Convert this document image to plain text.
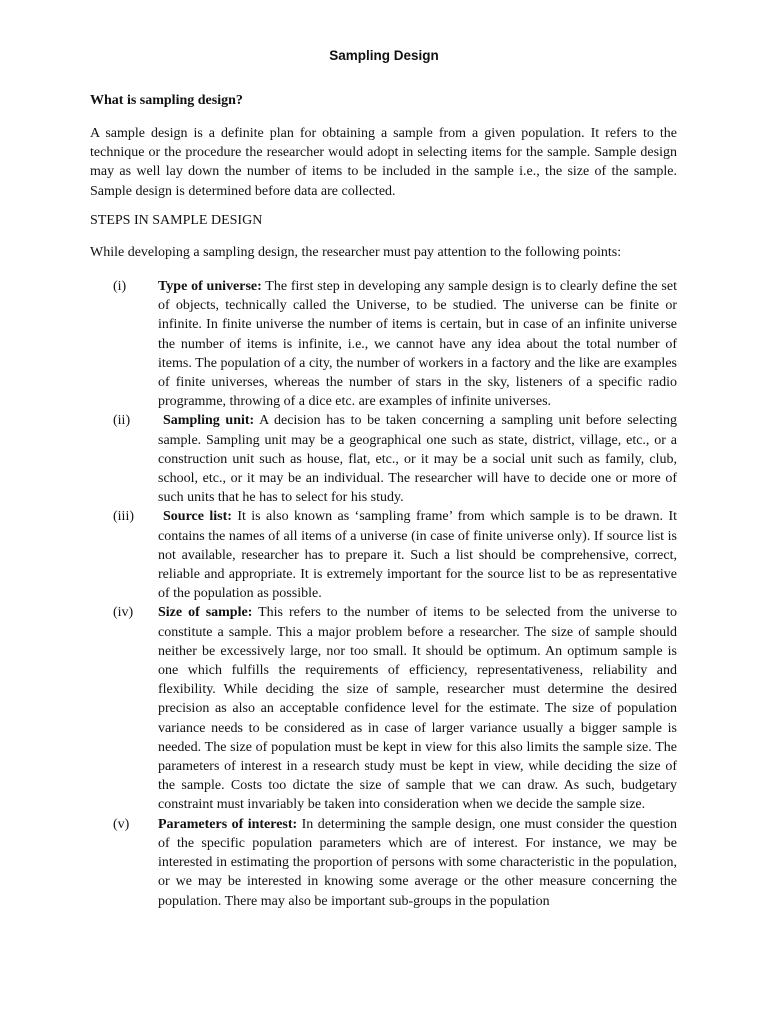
Sampling Design
What is sampling design?

A sample design is a definite plan for obtaining a sample from a given population. It refers to the technique or the procedure the researcher would adopt in selecting items for the sample. Sample design may as well lay down the number of items to be included in the sample i.e., the size of the sample. Sample design is determined before data are collected.

STEPS IN SAMPLE DESIGN
While developing a sampling design, the researcher must pay attention to the following points:
(i) Type of universe: The first step in developing any sample design is to clearly define the set of objects, technically called the Universe, to be studied. The universe can be finite or infinite. In finite universe the number of items is certain, but in case of an infinite universe the number of items is infinite, i.e., we cannot have any idea about the total number of items. The population of a city, the number of workers in a factory and the like are examples of finite universes, whereas the number of stars in the sky, listeners of a specific radio programme, throwing of a dice etc. are examples of infinite universes.

(ii)	Sampling unit: A decision has to be taken concerning a sampling unit before selecting sample. Sampling unit may be a geographical one such as state, district, village, etc., or a construction unit such as house, flat, etc., or it may be a social unit such as family, club, school, etc., or it may be an individual. The researcher will have to decide one or more of such units that he has to select for his study.

(iii)	Source list: It is also known as ‘sampling frame’ from which sample is to be drawn. It contains the names of all items of a universe (in case of finite universe only). If source list is not available, researcher has to prepare it. Such a list should be comprehensive, correct, reliable and appropriate. It is extremely important for the source list to be as representative of the population as possible.

(iv) Size of sample: This refers to the number of items to be selected from the universe to constitute a sample. This a major problem before a researcher. The size of sample should neither be excessively large, nor too small. It should be optimum. An optimum sample is one which fulfills the requirements of efficiency, representativeness, reliability and flexibility. While deciding the size of sample, researcher must determine the desired precision as also an acceptable confidence level for the estimate. The size of population variance needs to be considered as in case of larger variance usually a bigger sample is needed. The size of population must be kept in view for this also limits the sample size. The parameters of interest in a research study must be kept in view, while deciding the size of the sample. Costs too dictate the size of sample that we can draw. As such, budgetary constraint must invariably be taken into consideration when we decide the sample size.

(v) Parameters of interest: In determining the sample design, one must consider the question of the specific population parameters which are of interest. For instance, we may be interested in estimating the proportion of persons with some characteristic in the population, or we may be interested in knowing some average or the other measure concerning the population. There may also be important sub-groups in the population
